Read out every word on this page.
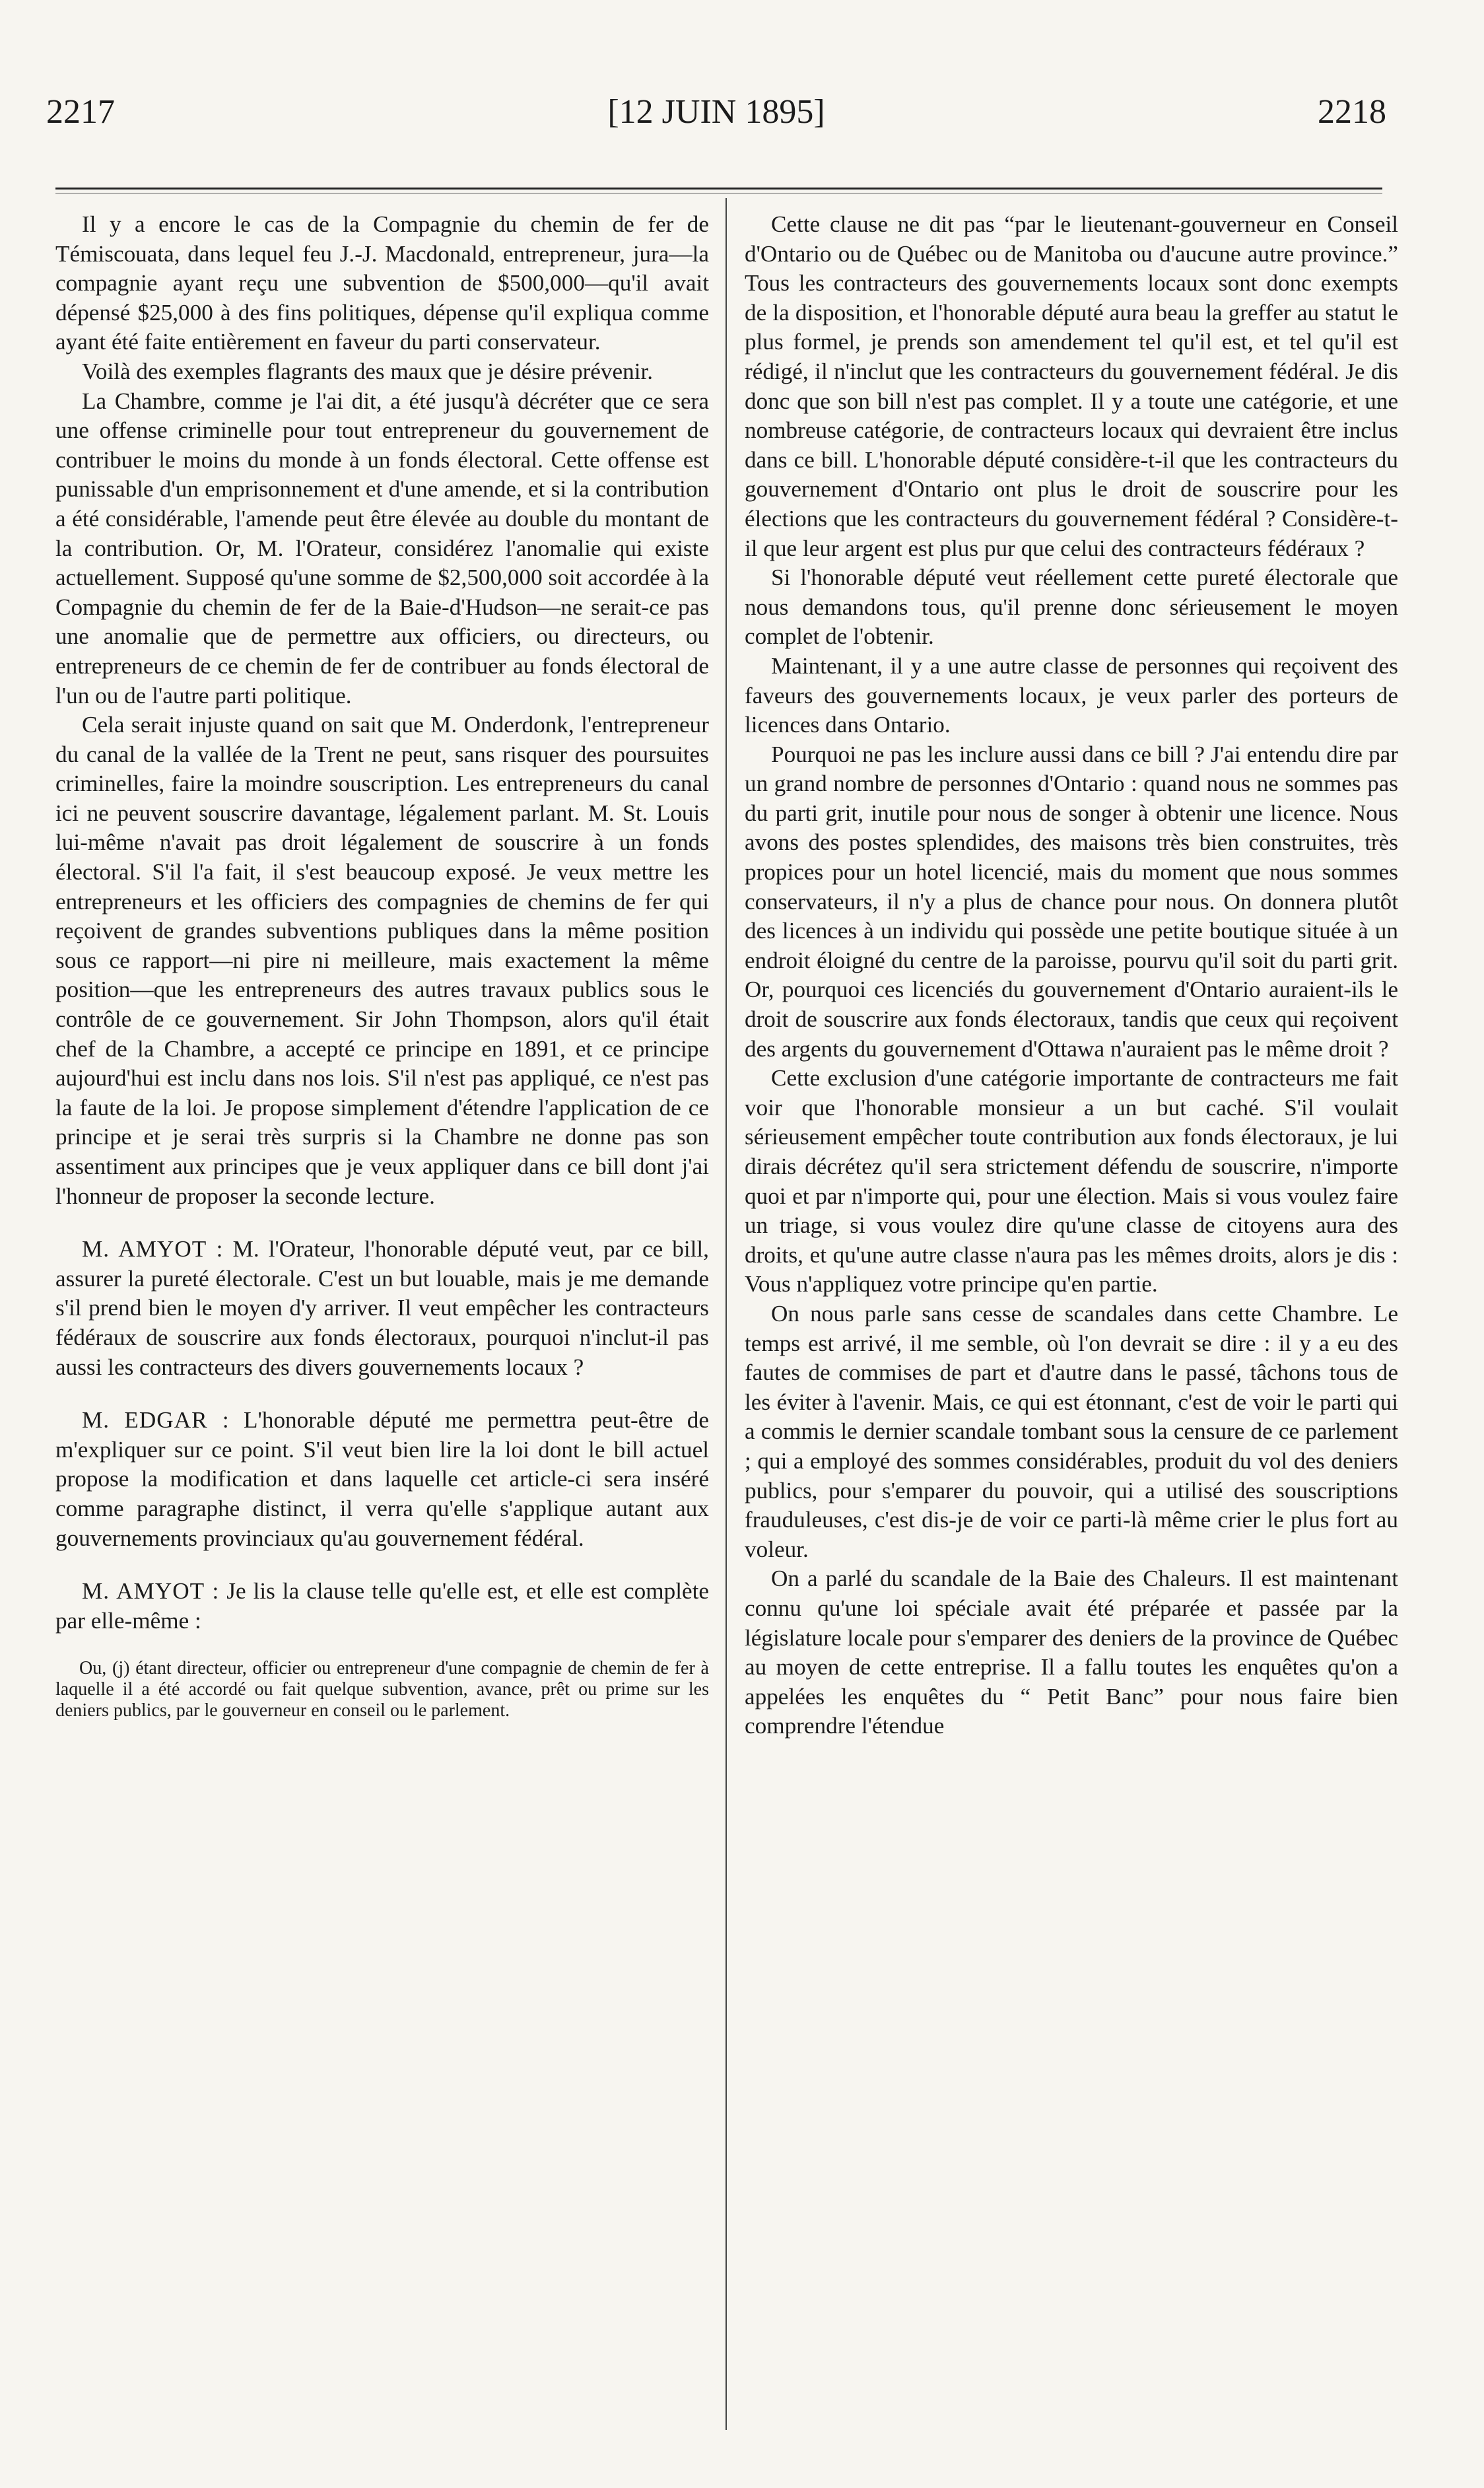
2217	[12 JUIN 1895]	2218

Il y a encore le cas de la Compagnie du chemin de fer de Témiscouata, dans lequel feu J.-J. Macdonald, entrepreneur, jura—la compagnie ayant reçu une subvention de $500,000—qu'il avait dépensé $25,000 à des fins politiques, dépense qu'il expliqua comme ayant été faite entièrement en faveur du parti conservateur.

Voilà des exemples flagrants des maux que je désire prévenir.

La Chambre, comme je l'ai dit, a été jusqu'à décréter que ce sera une offense criminelle pour tout entrepreneur du gouvernement de contribuer le moins du monde à un fonds électoral. Cette offense est punissable d'un emprisonnement et d'une amende, et si la contribution a été considérable, l'amende peut être élevée au double du montant de la contribution. Or, M. l'Orateur, considérez l'anomalie qui existe actuellement. Supposé qu'une somme de $2,500,000 soit accordée à la Compagnie du chemin de fer de la Baie-d'Hudson—ne serait-ce pas une anomalie que de permettre aux officiers, ou directeurs, ou entrepreneurs de ce chemin de fer de contribuer au fonds électoral de l'un ou de l'autre parti politique.

Cela serait injuste quand on sait que M. Onderdonk, l'entrepreneur du canal de la vallée de la Trent ne peut, sans risquer des poursuites criminelles, faire la moindre souscription. Les entrepreneurs du canal ici ne peuvent souscrire davantage, légalement parlant. M. St. Louis lui-même n'avait pas droit légalement de souscrire à un fonds électoral. S'il l'a fait, il s'est beaucoup exposé. Je veux mettre les entrepreneurs et les officiers des compagnies de chemins de fer qui reçoivent de grandes subventions publiques dans la même position sous ce rapport—ni pire ni meilleure, mais exactement la même position—que les entrepreneurs des autres travaux publics sous le contrôle de ce gouvernement. Sir John Thompson, alors qu'il était chef de la Chambre, a accepté ce principe en 1891, et ce principe aujourd'hui est inclu dans nos lois. S'il n'est pas appliqué, ce n'est pas la faute de la loi. Je propose simplement d'étendre l'application de ce principe et je serai très surpris si la Chambre ne donne pas son assentiment aux principes que je veux appliquer dans ce bill dont j'ai l'honneur de proposer la seconde lecture.

M. AMYOT : M. l'Orateur, l'honorable député veut, par ce bill, assurer la pureté électorale. C'est un but louable, mais je me demande s'il prend bien le moyen d'y arriver. Il veut empêcher les contracteurs fédéraux de souscrire aux fonds électoraux, pourquoi n'inclut-il pas aussi les contracteurs des divers gouvernements locaux ?

M. EDGAR : L'honorable député me permettra peut-être de m'expliquer sur ce point. S'il veut bien lire la loi dont le bill actuel propose la modification et dans laquelle cet article-ci sera inséré comme paragraphe distinct, il verra qu'elle s'applique autant aux gouvernements provinciaux qu'au gouvernement fédéral.

M. AMYOT : Je lis la clause telle qu'elle est, et elle est complète par elle-même :

Ou, (j) étant directeur, officier ou entrepreneur d'une compagnie de chemin de fer à laquelle il a été accordé ou fait quelque subvention, avance, prêt ou prime sur les deniers publics, par le gouverneur en conseil ou le parlement.

Cette clause ne dit pas “par le lieutenant-gouverneur en Conseil d'Ontario ou de Québec ou de Manitoba ou d'aucune autre province.” Tous les contracteurs des gouvernements locaux sont donc exempts de la disposition, et l'honorable député aura beau la greffer au statut le plus formel, je prends son amendement tel qu'il est, et tel qu'il est rédigé, il n'inclut que les contracteurs du gouvernement fédéral. Je dis donc que son bill n'est pas complet. Il y a toute une catégorie, et une nombreuse catégorie, de contracteurs locaux qui devraient être inclus dans ce bill. L'honorable député considère-t-il que les contracteurs du gouvernement d'Ontario ont plus le droit de souscrire pour les élections que les contracteurs du gouvernement fédéral ? Considère-t-il que leur argent est plus pur que celui des contracteurs fédéraux ?

Si l'honorable député veut réellement cette pureté électorale que nous demandons tous, qu'il prenne donc sérieusement le moyen complet de l'obtenir.

Maintenant, il y a une autre classe de personnes qui reçoivent des faveurs des gouvernements locaux, je veux parler des porteurs de licences dans Ontario.

Pourquoi ne pas les inclure aussi dans ce bill ? J'ai entendu dire par un grand nombre de personnes d'Ontario : quand nous ne sommes pas du parti grit, inutile pour nous de songer à obtenir une licence. Nous avons des postes splendides, des maisons très bien construites, très propices pour un hotel licencié, mais du moment que nous sommes conservateurs, il n'y a plus de chance pour nous. On donnera plutôt des licences à un individu qui possède une petite boutique située à un endroit éloigné du centre de la paroisse, pourvu qu'il soit du parti grit. Or, pourquoi ces licenciés du gouvernement d'Ontario auraient-ils le droit de souscrire aux fonds électoraux, tandis que ceux qui reçoivent des argents du gouvernement d'Ottawa n'auraient pas le même droit ?

Cette exclusion d'une catégorie importante de contracteurs me fait voir que l'honorable monsieur a un but caché. S'il voulait sérieusement empêcher toute contribution aux fonds électoraux, je lui dirais décrétez qu'il sera strictement défendu de souscrire, n'importe quoi et par n'importe qui, pour une élection. Mais si vous voulez faire un triage, si vous voulez dire qu'une classe de citoyens aura des droits, et qu'une autre classe n'aura pas les mêmes droits, alors je dis : Vous n'appliquez votre principe qu'en partie.

On nous parle sans cesse de scandales dans cette Chambre. Le temps est arrivé, il me semble, où l'on devrait se dire : il y a eu des fautes de commises de part et d'autre dans le passé, tâchons tous de les éviter à l'avenir. Mais, ce qui est étonnant, c'est de voir le parti qui a commis le dernier scandale tombant sous la censure de ce parlement ; qui a employé des sommes considérables, produit du vol des deniers publics, pour s'emparer du pouvoir, qui a utilisé des souscriptions frauduleuses, c'est dis-je de voir ce parti-là même crier le plus fort au voleur.

On a parlé du scandale de la Baie des Chaleurs. Il est maintenant connu qu'une loi spéciale avait été préparée et passée par la législature locale pour s'emparer des deniers de la province de Québec au moyen de cette entreprise. Il a fallu toutes les enquêtes qu'on a appelées les enquêtes du “ Petit Banc” pour nous faire bien comprendre l'étendue
